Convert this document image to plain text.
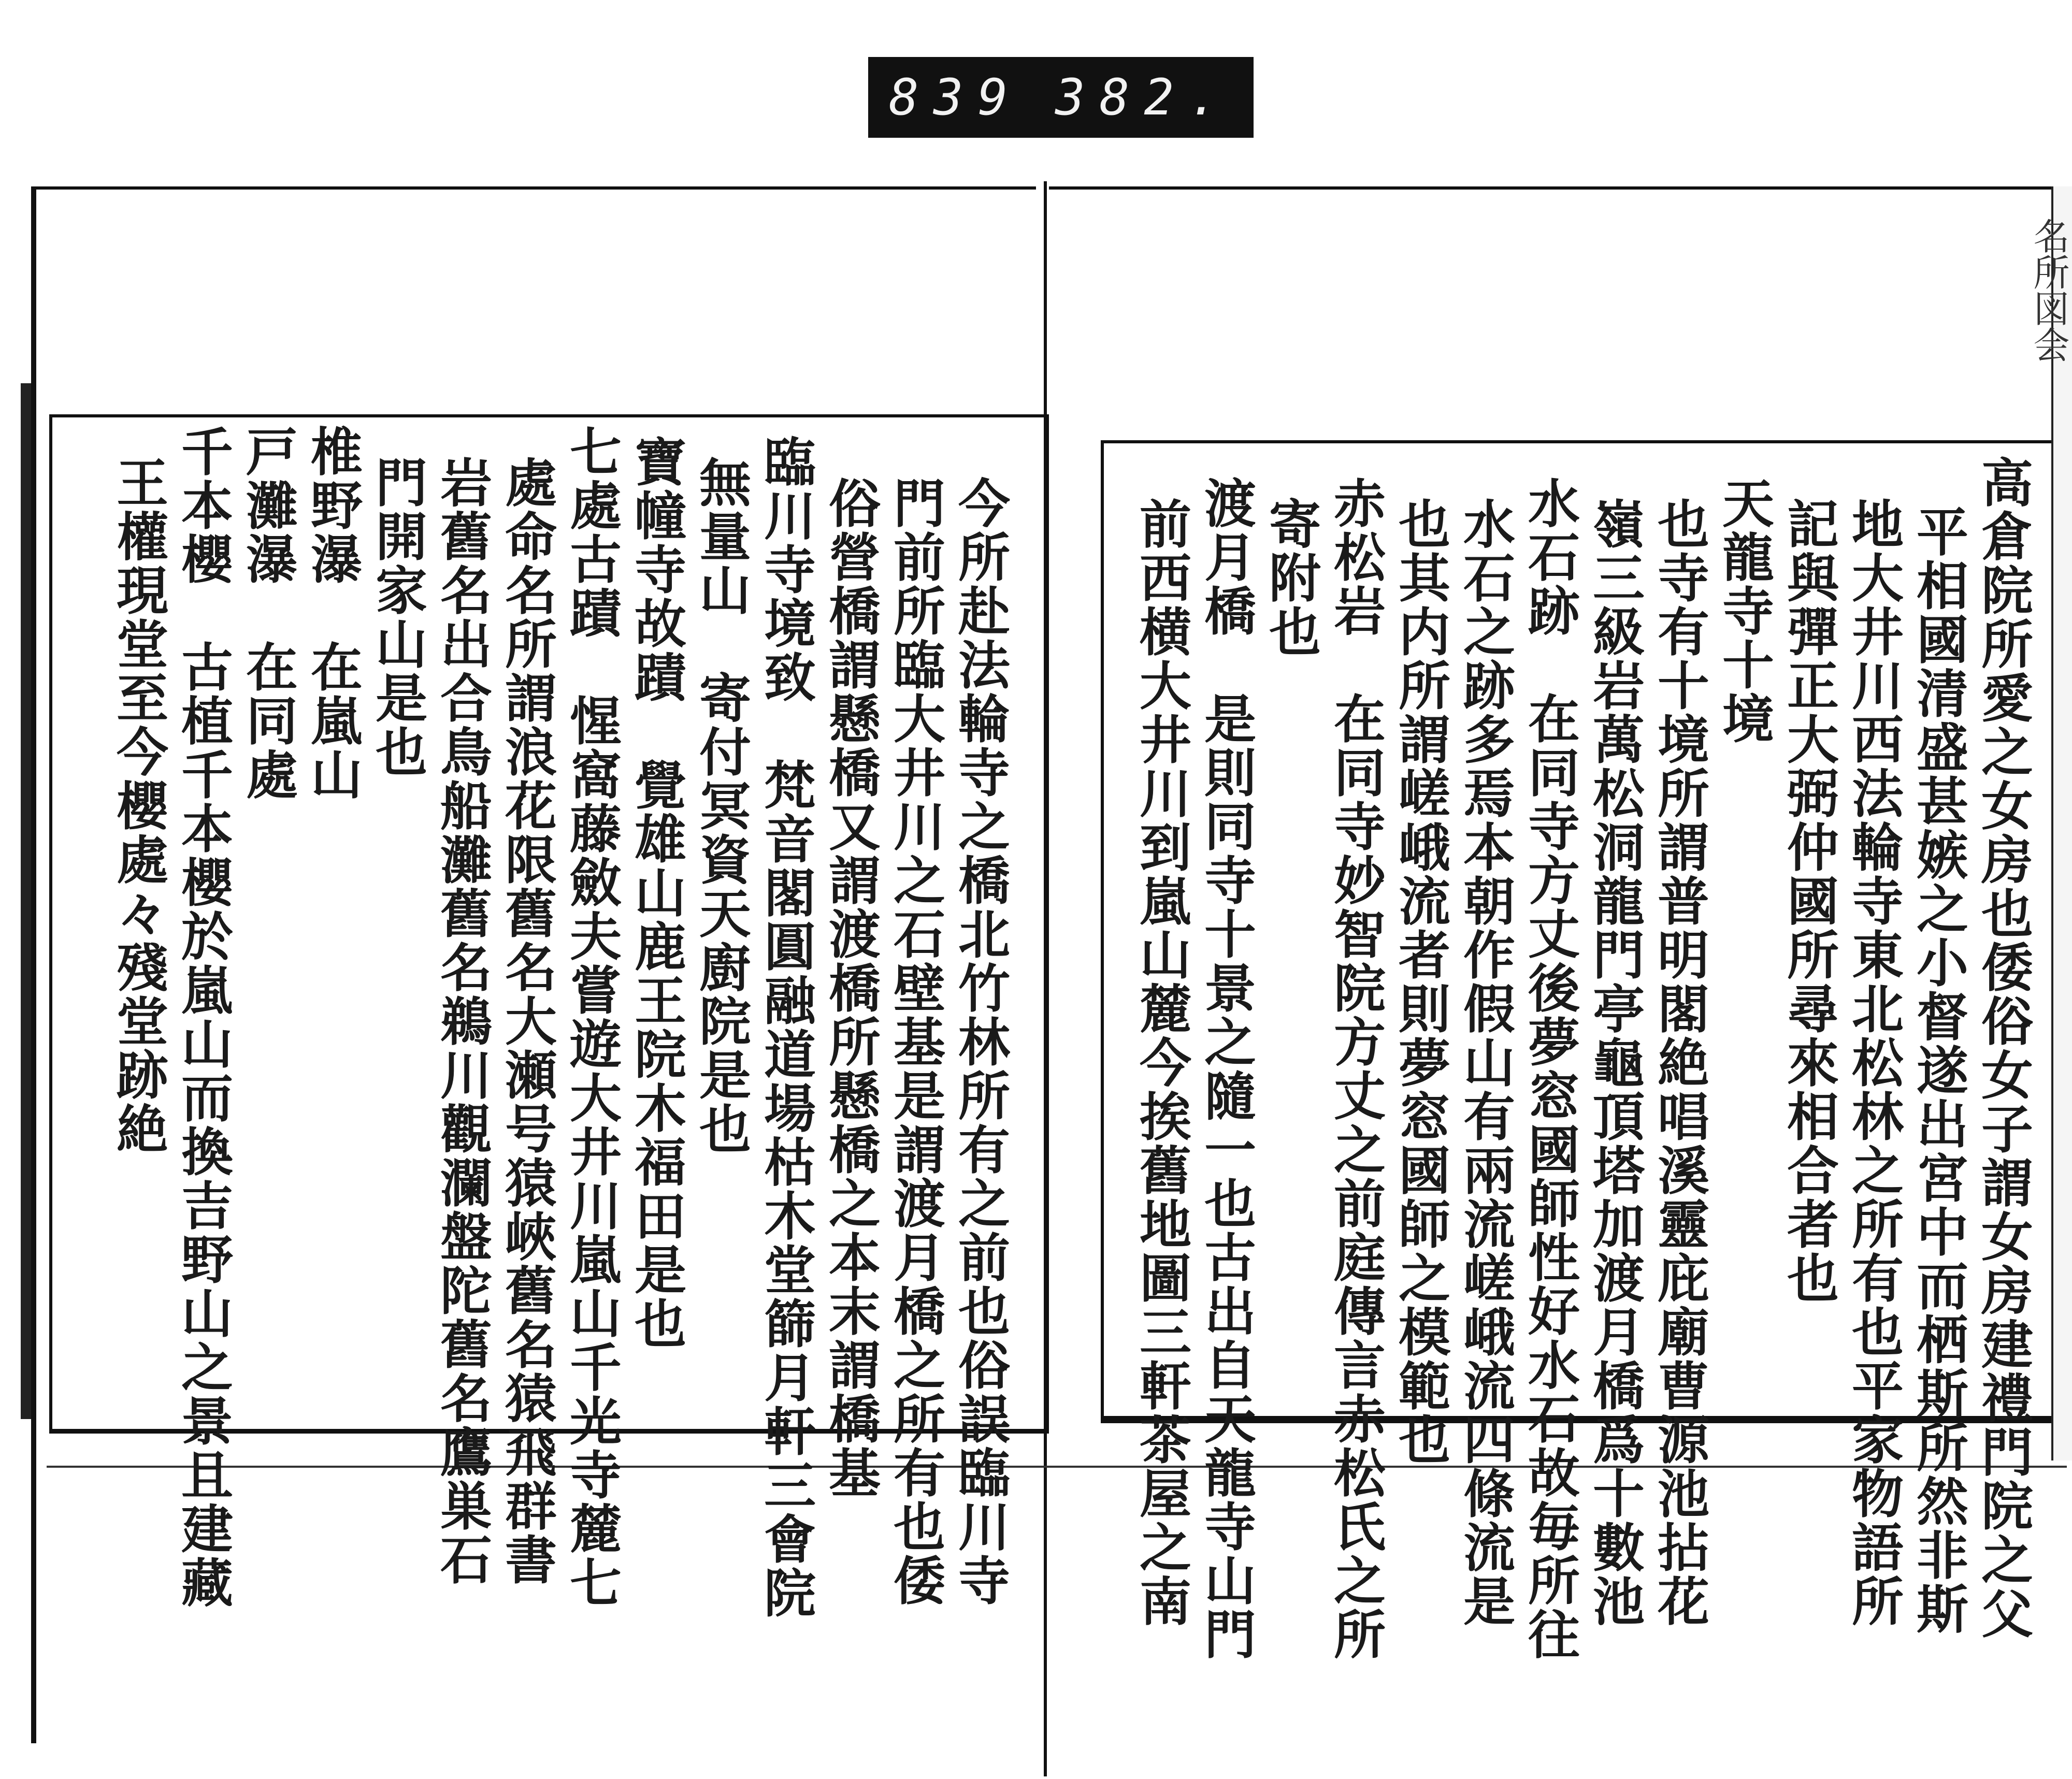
839 382.
名所図会
高倉院所愛之女房也倭俗女子謂女房建禮門院之父
平相國清盛甚嫉之小督遂出宮中而栖斯所然非斯
地大井川西法輪寺東北松林之所有也平家物語所
記與彈正大弼仲國所尋來相合者也
天龍寺十境
也寺有十境所謂普明閣絶唱溪靈庇廟曹源池拈花
嶺三級岩萬松洞龍門亭龜頂塔加渡月橋爲十數池
水石跡　在同寺方丈後夢窓國師性好水石故毎所往
水石之跡多焉本朝作假山有兩流嵯峨流四條流是
也其内所謂嵯峨流者則夢窓國師之模範也
赤松岩　在同寺妙智院方丈之前庭傳言赤松氏之所
寄附也
渡月橋　是則同寺十景之隨一也古出自天龍寺山門
前西横大井川到嵐山麓今挨舊地圖三軒茶屋之南
今所赴法輪寺之橋北竹林所有之前也俗誤臨川寺
門前所臨大井川之石壁基是謂渡月橋之所有也倭
俗營橋謂懸橋又謂渡橋所懸橋之本末謂橋基
臨川寺境致　梵音閣圓融道場枯木堂篩月軒三會院
無量山　寄付冥資天廚院是也
寶幢寺故蹟　覺雄山鹿王院木福田是也
七處古蹟　惺窩藤斂夫嘗遊大井川嵐山千光寺麓七
處命名所謂浪花限舊名大瀬号猿峽舊名猿飛群書
岩舊名出合鳥船灘舊名鵜川觀瀾盤陀舊名鷹巣石
門開家山是也
椎野瀑　在嵐山
戸灘瀑　在同處
千本櫻　古植千本櫻於嵐山而換吉野山之景且建藏
王權現堂至今櫻處々殘堂跡絶
